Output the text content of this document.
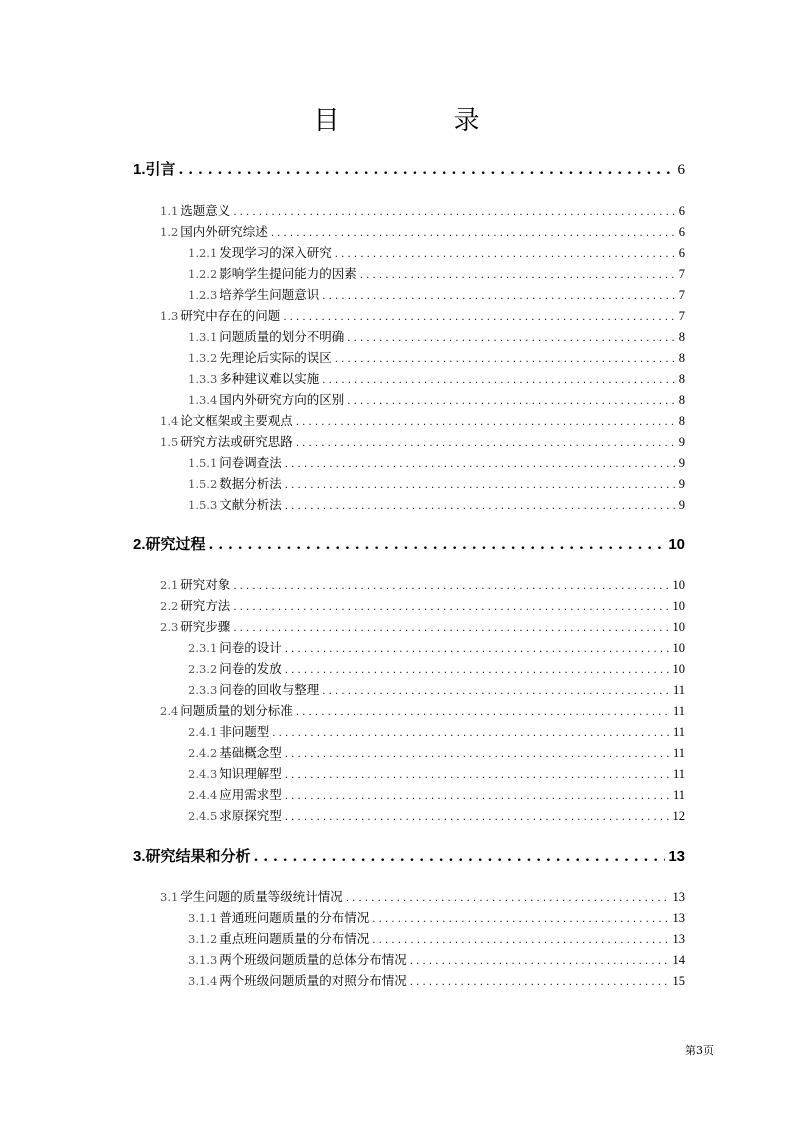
目　录
1. 引言 . . .	6
1.1 选题意义 . . .	6
1.2 国内外研究综述 . . .	6
1.2.1 发现学习的深入研究 . . .	6
1.2.2 影响学生提问能力的因素 . . .	7
1.2.3 培养学生问题意识 . . .	7
1.3 研究中存在的问题 . . .	7
1.3.1 问题质量的划分不明确 . . .	8
1.3.2 先理论后实际的误区 . . .	8
1.3.3 多种建议难以实施 . . .	8
1.3.4 国内外研究方向的区别 . . .	8
1.4 论文框架或主要观点 . . .	8
1.5 研究方法或研究思路 . . .	9
1.5.1 问卷调查法 . . .	9
1.5.2 数据分析法 . . .	9
1.5.3 文献分析法 . . .	9
2. 研究过程 . . .	10
2.1 研究对象 . . .	10
2.2 研究方法 . . .	10
2.3 研究步骤 . . .	10
2.3.1 问卷的设计 . . .	10
2.3.2 问卷的发放 . . .	10
2.3.3 问卷的回收与整理 . . .	11
2.4 问题质量的划分标准 . . .	11
2.4.1 非问题型 . . .	11
2.4.2 基础概念型 . . .	11
2.4.3 知识理解型 . . .	11
2.4.4 应用需求型 . . .	11
2.4.5 求原探究型 . . .	12
3. 研究结果和分析 . . .	13
3.1 学生问题的质量等级统计情况 . . .	13
3.1.1 普通班问题质量的分布情况 . . .	13
3.1.2 重点班问题质量的分布情况 . . .	13
3.1.3 两个班级问题质量的总体分布情况 . . .	14
3.1.4 两个班级问题质量的对照分布情况 . . .	15
第3页
